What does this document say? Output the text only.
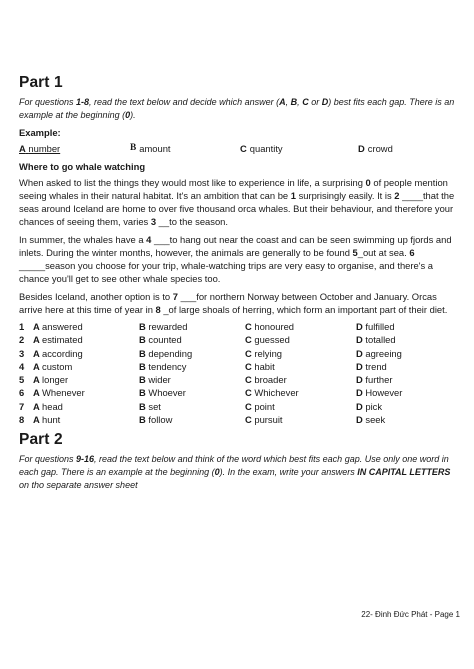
Part 1

For questions 1-8, read the text below and decide which answer (A, B, C or D) best fits each gap. There is an example at the beginning (0).

Example:
A number	B amount	C quantity	D crowd
Where to go whale watching

When asked to list the things they would most like to experience in life, a surprising 0 of people mention seeing whales in their natural habitat. It's an ambition that can be 1 surprisingly easily. It is 2 ____that the seas around Iceland are home to over five thousand orca whales. But their behaviour, and therefore your chances of seeing them, varies 3 __to the season.

In summer, the whales have a 4 ___to hang out near the coast and can be seen swimming up fjords and inlets. During the winter months, however, the animals are generally to be found 5_out at sea. 6 _____season you choose for your trip, whale-watching trips are very easy to organise, and there's a chance you'll get to see other whale species too.

Besides Iceland, another option is to 7 ___for northern Norway between October and January. Orcas arrive here at this time of year in 8 _of large shoals of herring, which form an important part of their diet.

1	A answered	B rewarded	C honoured	D fulfilled
2	A estimated	B counted	C guessed	D totalled
3	A according	B depending	C relying	D agreeing
4	A custom	B tendency	C habit	D trend
5	A longer	B wider	C broader	D further
6	A Whenever	B Whoever	C Whichever	D However
7	A head	B set	C point	D pick
8	A hunt	B follow	C pursuit	D seek
Part 2

For questions 9-16, read the text below and think of the word which best fits each gap. Use only one word in each gap. There is an example at the beginning (0). In the exam, write your answers IN CAPITAL LETTERS on tho separate answer sheet

22- Đinh Đức Phát - Page 1
